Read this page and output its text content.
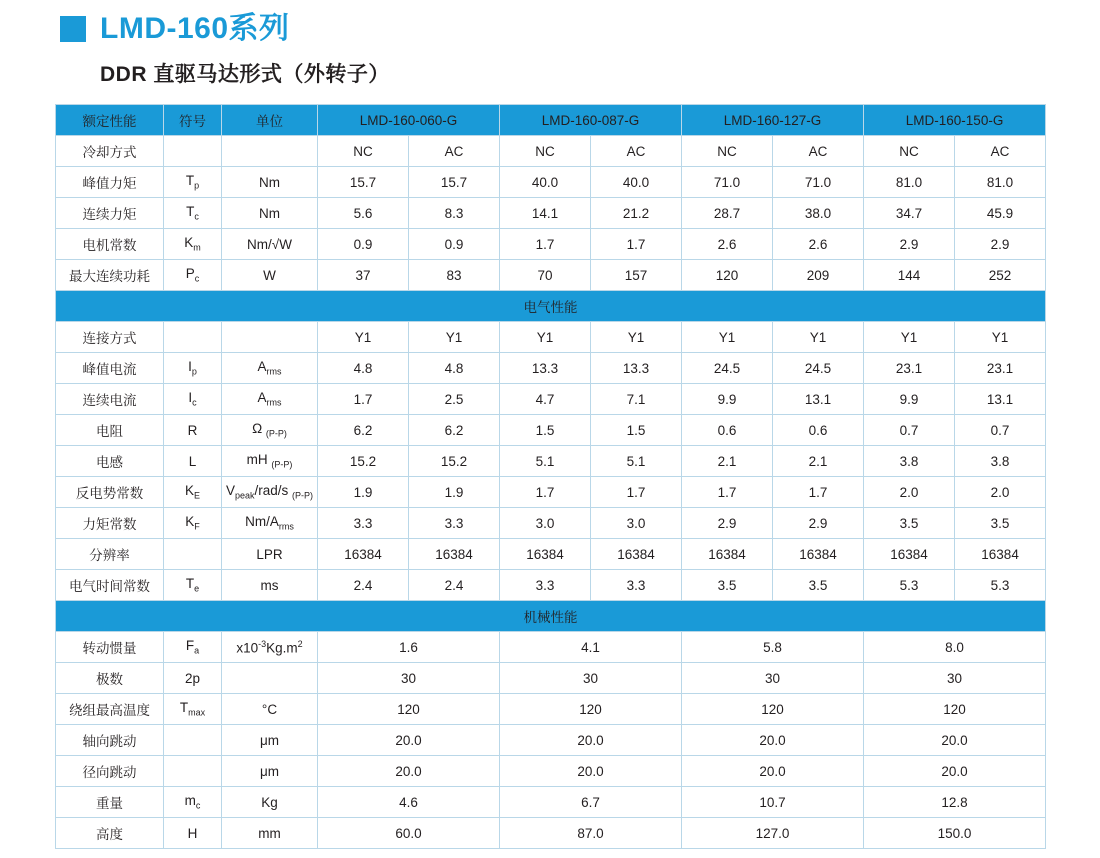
LMD-160系列
DDR 直驱马达形式（外转子）
额定性能	符号	单位	LMD-160-060-G		LMD-160-087-G		LMD-160-127-G		LMD-160-150-G	
冷却方式			NC	AC	NC	AC	NC	AC	NC	AC
峰值力矩	$T_p$	Nm	15.7	15.7	40.0	40.0	71.0	71.0	81.0	81.0
连续力矩	$T_c$	Nm	5.6	8.3	14.1	21.2	28.7	38.0	34.7	45.9
电机常数	$K_m$	Nm/√W	0.9	0.9	1.7	1.7	2.6	2.6	2.9	2.9
最大连续功耗	$P_c$	W	37	83	70	157	120	209	144	252
电气性能										
连接方式			Y1	Y1	Y1	Y1	Y1	Y1	Y1	Y1
峰值电流	$I_p$	$A_{rms}$	4.8	4.8	13.3	13.3	24.5	24.5	23.1	23.1
连续电流	$I_c$	$A_{rms}$	1.7	2.5	4.7	7.1	9.9	13.1	9.9	13.1
电阻	R	Ω $_{(P-P)}$	6.2	6.2	1.5	1.5	0.6	0.6	0.7	0.7
电感	L	mH $_{(P-P)}$	15.2	15.2	5.1	5.1	2.1	2.1	3.8	3.8
反电势常数	$K_E$	$V_{peak}/rad/s$ $_{(P-P)}$	1.9	1.9	1.7	1.7	1.7	1.7	2.0	2.0
力矩常数	$K_F$	$Nm/A_{rms}$	3.3	3.3	3.0	3.0	2.9	2.9	3.5	3.5
分辨率		LPR	16384	16384	16384	16384	16384	16384	16384	16384
电气时间常数	$T_e$	ms	2.4	2.4	3.3	3.3	3.5	3.5	5.3	5.3
机械性能										
转动惯量	$F_a$	$x10^{-3}Kg.m^2$	1.6		4.1		5.8		8.0	
极数	2p		30		30		30		30	
绕组最高温度	$T_{max}$	°C	120		120		120		120	
轴向跳动		μm	20.0		20.0		20.0		20.0	
径向跳动		μm	20.0		20.0		20.0		20.0	
重量	$m_c$	Kg	4.6		6.7		10.7		12.8	
高度	H	mm	60.0		87.0		127.0		150.0	
